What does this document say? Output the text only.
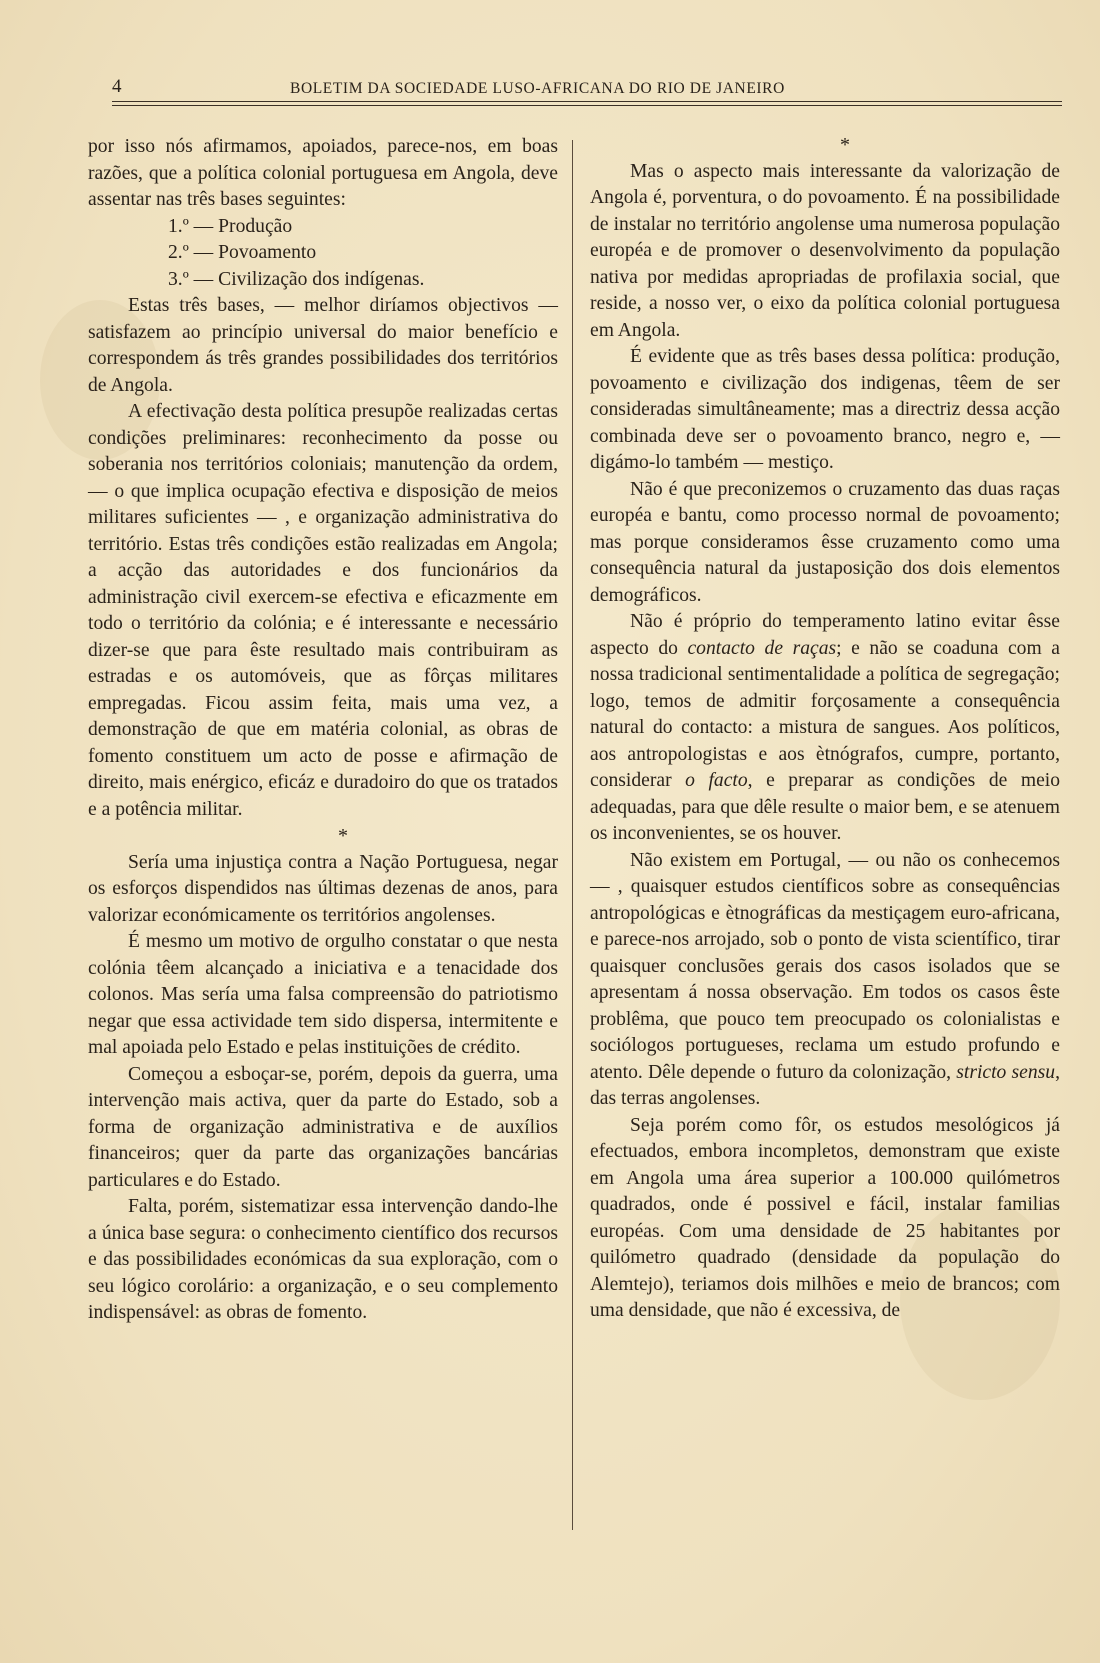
4	BOLETIM DA SOCIEDADE LUSO-AFRICANA DO RIO DE JANEIRO

por isso nós afirmamos, apoiados, parece-nos, em boas razões, que a política colonial portuguesa em Angola, deve assentar nas três bases seguintes:

1.º — Produção
2.º — Povoamento
3.º — Civilização dos indígenas.

Estas três bases, — melhor diríamos objectivos — satisfazem ao princípio universal do maior benefício e correspondem ás três grandes possibilidades dos territórios de Angola.

A efectivação desta política presupõe realizadas certas condições preliminares: reconhecimento da posse ou soberania nos territórios coloniais; manutenção da ordem, — o que implica ocupação efectiva e disposição de meios militares suficientes — , e organização administrativa do território. Estas três condições estão realizadas em Angola; a acção das autoridades e dos funcionários da administração civil exercem-se efectiva e eficazmente em todo o território da colónia; e é interessante e necessário dizer-se que para êste resultado mais contribuiram as estradas e os automóveis, que as fôrças militares empregadas. Ficou assim feita, mais uma vez, a demonstração de que em matéria colonial, as obras de fomento constituem um acto de posse e afirmação de direito, mais enérgico, eficáz e duradoiro do que os tratados e a potência militar.

*

Sería uma injustiça contra a Nação Portuguesa, negar os esforços dispendidos nas últimas dezenas de anos, para valorizar económicamente os territórios angolenses.

É mesmo um motivo de orgulho constatar o que nesta colónia têem alcançado a iniciativa e a tenacidade dos colonos. Mas sería uma falsa compreensão do patriotismo negar que essa actividade tem sido dispersa, intermitente e mal apoiada pelo Estado e pelas instituições de crédito.

Começou a esboçar-se, porém, depois da guerra, uma intervenção mais activa, quer da parte do Estado, sob a forma de organização administrativa e de auxílios financeiros; quer da parte das organizações bancárias particulares e do Estado.

Falta, porém, sistematizar essa intervenção dando-lhe a única base segura: o conhecimento científico dos recursos e das possibilidades económicas da sua exploração, com o seu lógico corolário: a organização, e o seu complemento indispensável: as obras de fomento.

*

Mas o aspecto mais interessante da valorização de Angola é, porventura, o do povoamento. É na possibilidade de instalar no território angolense uma numerosa população européa e de promover o desenvolvimento da população nativa por medidas apropriadas de profilaxia social, que reside, a nosso ver, o eixo da política colonial portuguesa em Angola.

É evidente que as três bases dessa política: produção, povoamento e civilização dos indigenas, têem de ser consideradas simultâneamente; mas a directriz dessa acção combinada deve ser o povoamento branco, negro e, — digámo-lo também — mestiço.

Não é que preconizemos o cruzamento das duas raças européa e bantu, como processo normal de povoamento; mas porque consideramos êsse cruzamento como uma consequência natural da justaposição dos dois elementos demográficos.

Não é próprio do temperamento latino evitar êsse aspecto do contacto de raças; e não se coaduna com a nossa tradicional sentimentalidade a política de segregação; logo, temos de admitir forçosamente a consequência natural do contacto: a mistura de sangues. Aos políticos, aos antropologistas e aos ètnógrafos, cumpre, portanto, considerar o facto, e preparar as condições de meio adequadas, para que dêle resulte o maior bem, e se atenuem os inconvenientes, se os houver.

Não existem em Portugal, — ou não os conhecemos — , quaisquer estudos científicos sobre as consequências antropológicas e ètnográficas da mestiçagem euro-africana, e parece-nos arrojado, sob o ponto de vista scientífico, tirar quaisquer conclusões gerais dos casos isolados que se apresentam á nossa observação. Em todos os casos êste problêma, que pouco tem preocupado os colonialistas e sociólogos portugueses, reclama um estudo profundo e atento. Dêle depende o futuro da colonização, stricto sensu, das terras angolenses.

Seja porém como fôr, os estudos mesológicos já efectuados, embora incompletos, demonstram que existe em Angola uma área superior a 100.000 quilómetros quadrados, onde é possivel e fácil, instalar familias européas. Com uma densidade de 25 habitantes por quilómetro quadrado (densidade da população do Alemtejo), teriamos dois milhões e meio de brancos; com uma densidade, que não é excessiva, de
